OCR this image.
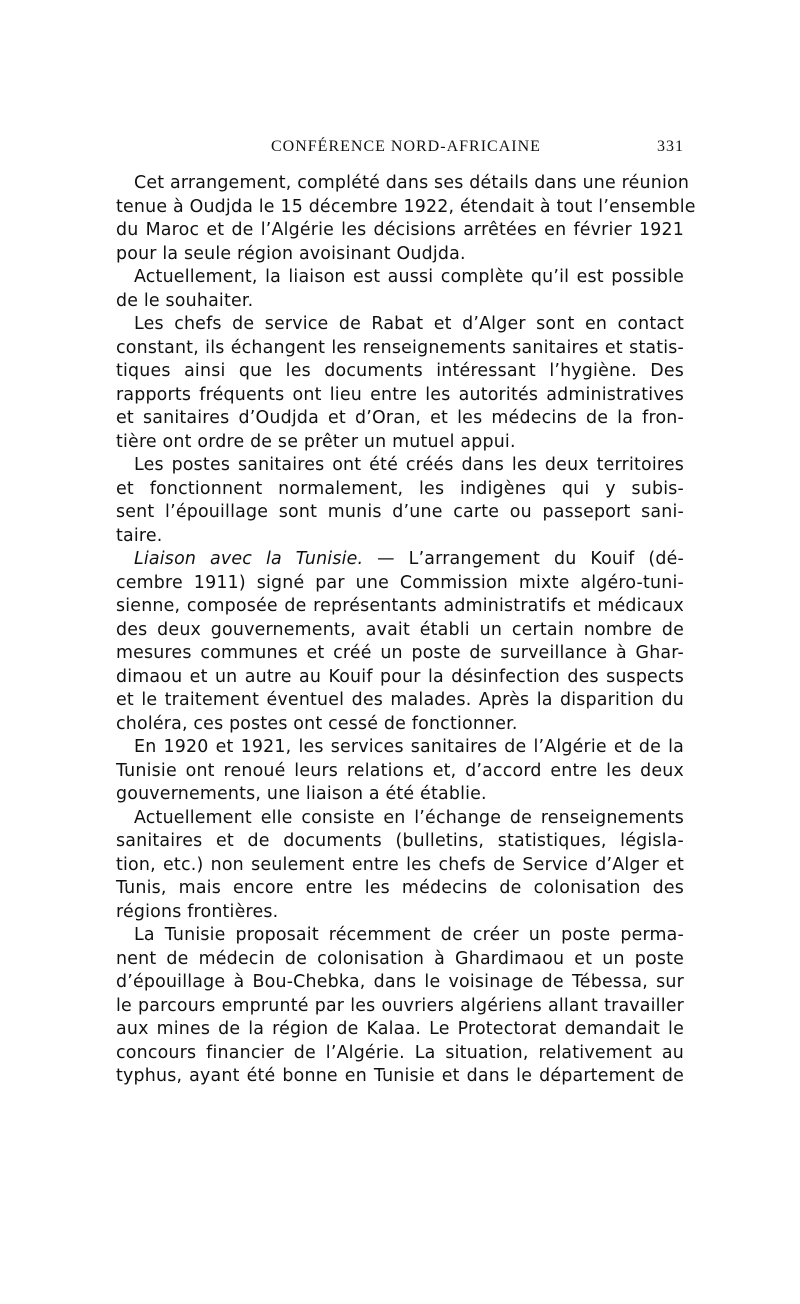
CONFÉRENCE NORD-AFRICAINE	331
Cet arrangement, complété dans ses détails dans une réunion
tenue à Oudjda le 15 décembre 1922, étendait à tout l’ensemble
du Maroc et de l’Algérie les décisions arrêtées en février 1921
pour la seule région avoisinant Oudjda.
Actuellement, la liaison est aussi complète qu’il est possible
de le souhaiter.
Les chefs de service de Rabat et d’Alger sont en contact
constant, ils échangent les renseignements sanitaires et statis-
tiques ainsi que les documents intéressant l’hygiène. Des
rapports fréquents ont lieu entre les autorités administratives
et sanitaires d’Oudjda et d’Oran, et les médecins de la fron-
tière ont ordre de se prêter un mutuel appui.
Les postes sanitaires ont été créés dans les deux territoires
et fonctionnent normalement, les indigènes qui y subis-
sent l’épouillage sont munis d’une carte ou passeport sani-
taire.
Liaison avec la Tunisie. — L’arrangement du Kouif (dé-
cembre 1911) signé par une Commission mixte algéro-tuni-
sienne, composée de représentants administratifs et médicaux
des deux gouvernements, avait établi un certain nombre de
mesures communes et créé un poste de surveillance à Ghar-
dimaou et un autre au Kouif pour la désinfection des suspects
et le traitement éventuel des malades. Après la disparition du
choléra, ces postes ont cessé de fonctionner.
En 1920 et 1921, les services sanitaires de l’Algérie et de la
Tunisie ont renoué leurs relations et, d’accord entre les deux
gouvernements, une liaison a été établie.
Actuellement elle consiste en l’échange de renseignements
sanitaires et de documents (bulletins, statistiques, législa-
tion, etc.) non seulement entre les chefs de Service d’Alger et
Tunis, mais encore entre les médecins de colonisation des
régions frontières.
La Tunisie proposait récemment de créer un poste perma-
nent de médecin de colonisation à Ghardimaou et un poste
d’épouillage à Bou-Chebka, dans le voisinage de Tébessa, sur
le parcours emprunté par les ouvriers algériens allant travailler
aux mines de la région de Kalaa. Le Protectorat demandait le
concours financier de l’Algérie. La situation, relativement au
typhus, ayant été bonne en Tunisie et dans le département de
